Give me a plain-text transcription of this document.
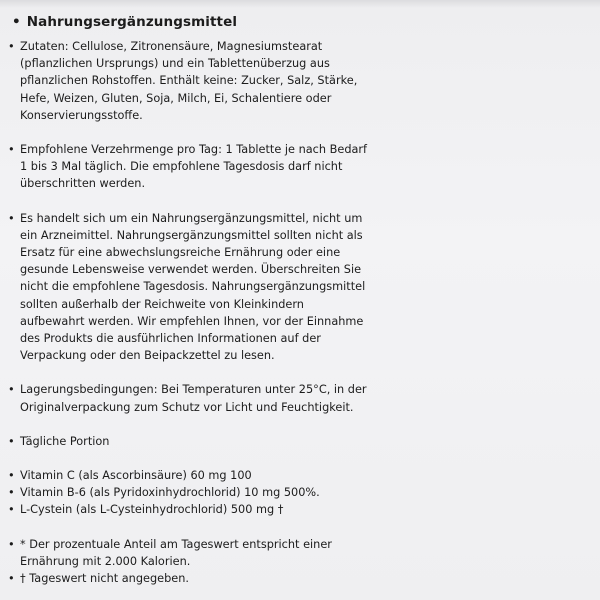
• Nahrungsergänzungsmittel
• Zutaten: Cellulose, Zitronensäure, Magnesiumstearat
(pflanzlichen Ursprungs) und ein Tablettenüberzug aus
pflanzlichen Rohstoffen. Enthält keine: Zucker, Salz, Stärke,
Hefe, Weizen, Gluten, Soja, Milch, Ei, Schalentiere oder
Konservierungsstoffe.
• Empfohlene Verzehrmenge pro Tag: 1 Tablette je nach Bedarf
1 bis 3 Mal täglich. Die empfohlene Tagesdosis darf nicht
überschritten werden.
• Es handelt sich um ein Nahrungsergänzungsmittel, nicht um
ein Arzneimittel. Nahrungsergänzungsmittel sollten nicht als
Ersatz für eine abwechslungsreiche Ernährung oder eine
gesunde Lebensweise verwendet werden. Überschreiten Sie
nicht die empfohlene Tagesdosis. Nahrungsergänzungsmittel
sollten außerhalb der Reichweite von Kleinkindern
aufbewahrt werden. Wir empfehlen Ihnen, vor der Einnahme
des Produkts die ausführlichen Informationen auf der
Verpackung oder den Beipackzettel zu lesen.
• Lagerungsbedingungen: Bei Temperaturen unter 25°C, in der
Originalverpackung zum Schutz vor Licht und Feuchtigkeit.
• Tägliche Portion
• Vitamin C (als Ascorbinsäure) 60 mg 100
• Vitamin B-6 (als Pyridoxinhydrochlorid) 10 mg 500%.
• L-Cystein (als L-Cysteinhydrochlorid) 500 mg †
• * Der prozentuale Anteil am Tageswert entspricht einer
Ernährung mit 2.000 Kalorien.
• † Tageswert nicht angegeben.
